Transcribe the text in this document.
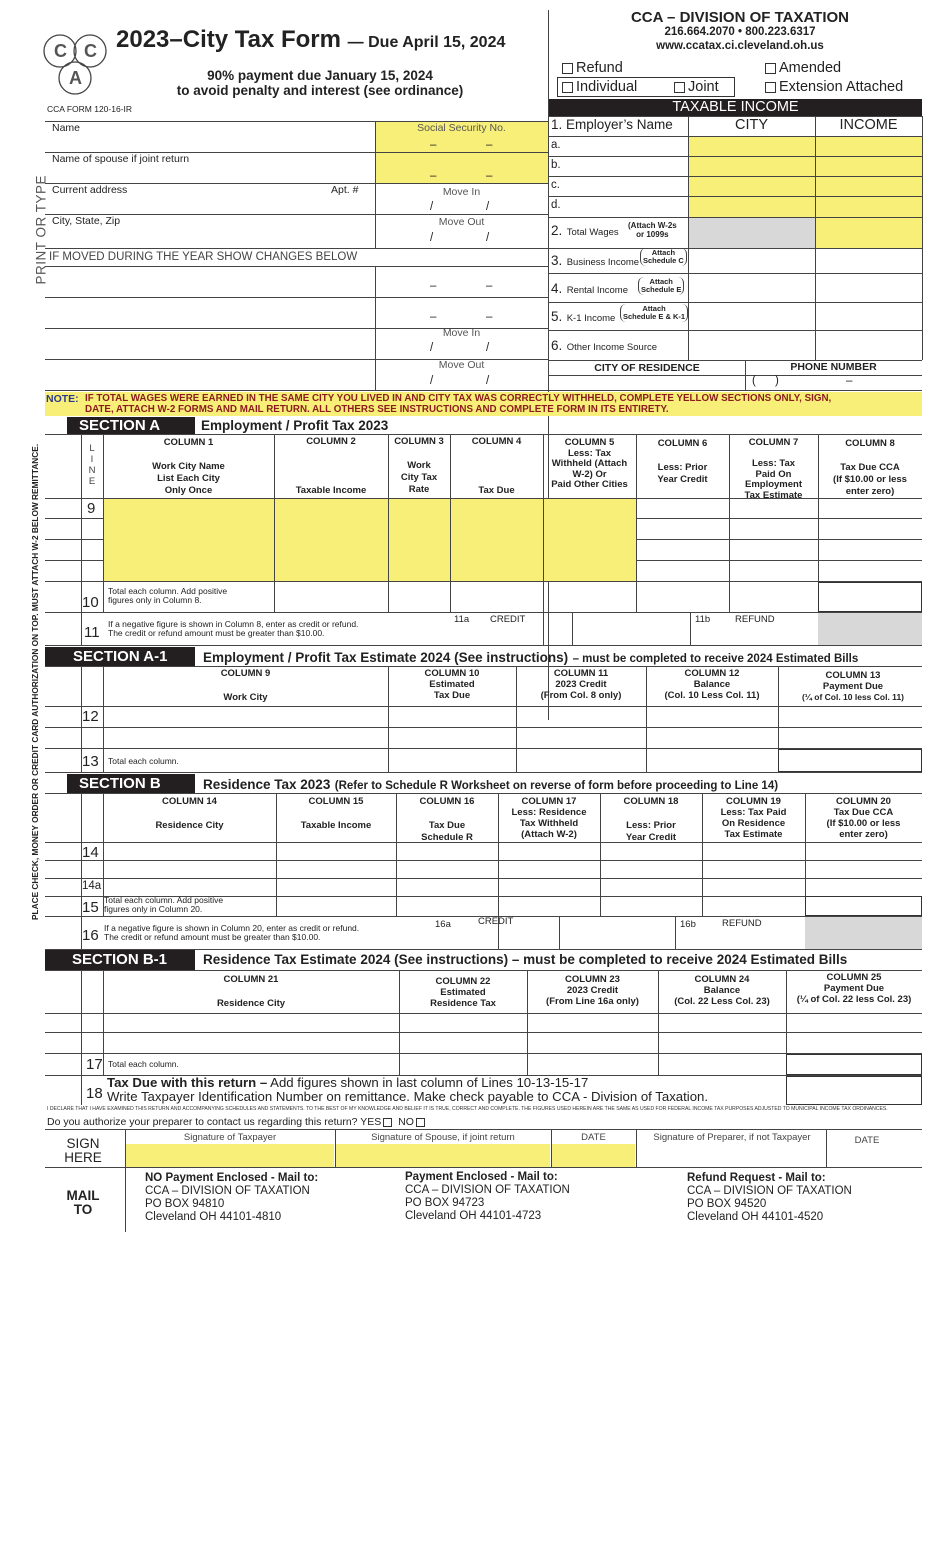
C C
A
2023–City Tax Form — Due April 15, 2024
90% payment due January 15, 2024
to avoid penalty and interest (see ordinance)
CCA FORM 120-16-IR
CCA – DIVISION OF TAXATION
216.664.2070 • 800.223.6317
www.ccatax.ci.cleveland.oh.us
Refund	Amended
Individual	Joint	Extension Attached
Name	Social Security No.
–	–
Name of spouse if joint return
–	–
Current address	Apt. #	Move In
/	/
City, State, Zip	Move Out
/	/
IF MOVED DURING THE YEAR SHOW CHANGES BELOW
–	–
–	–
Move In
/	/
Move Out
/	/
PRINT OR TYPE
PLACE CHECK, MONEY ORDER OR CREDIT CARD AUTHORIZATION ON TOP. MUST ATTACH W-2 BELOW REMITTANCE.
TAXABLE INCOME
1. Employer’s Name	CITY	INCOME
a.
b.
c.
d.
2. Total Wages
(Attach W-2s
or 1099s
3. Business Income
Attach
Schedule C
4. Rental Income
Attach
Schedule E
5. K-1 Income
Attach
Schedule E & K-1
6. Other Income Source
CITY OF RESIDENCE	PHONE NUMBER
(      )	–
NOTE: IF TOTAL WAGES WERE EARNED IN THE SAME CITY YOU LIVED IN AND CITY TAX WAS CORRECTLY WITHHELD, COMPLETE YELLOW SECTIONS ONLY, SIGN,
DATE, ATTACH W-2 FORMS AND MAIL RETURN. ALL OTHERS SEE INSTRUCTIONS AND COMPLETE FORM IN ITS ENTIRETY.
SECTION A	Employment / Profit Tax 2023
L
I
N
E
COLUMN 1

Work City Name
List Each City
Only Once
COLUMN 2
Taxable Income
COLUMN 3

Work
City Tax
Rate
COLUMN 4
Tax Due
COLUMN 5
Less: Tax
Withheld (Attach
W-2) Or
Paid Other Cities
COLUMN 6

Less: Prior
Year Credit
COLUMN 7

Less: Tax
Paid On
Employment
Tax Estimate
COLUMN 8

Tax Due CCA
(If $10.00 or less
enter zero)
9
10
Total each column. Add positive
figures only in Column 8.
11 If a negative figure is shown in Column 8, enter as credit or refund.
The credit or refund amount must be greater than $10.00.
11a CREDIT	11b	REFUND
SECTION A-1	Employment / Profit Tax Estimate 2024 (See instructions) – must be completed to receive 2024 Estimated Bills
COLUMN 9

Work City
COLUMN 10
Estimated
Tax Due
COLUMN 11
2023 Credit
(From Col. 8 only)
COLUMN 12
Balance
(Col. 10 Less Col. 11)
COLUMN 13
Payment Due
(¼ of Col. 10 less Col. 11)
12
13 Total each column.
SECTION B	Residence Tax 2023 (Refer to Schedule R Worksheet on reverse of form before proceeding to Line 14)
COLUMN 14

Residence City
COLUMN 15

Taxable Income
COLUMN 16

Tax Due
Schedule R
COLUMN 17
Less: Residence
Tax Withheld
(Attach W-2)
COLUMN 18

Less: Prior
Year Credit
COLUMN 19
Less: Tax Paid
On Residence
Tax Estimate
COLUMN 20
Tax Due CCA
(If $10.00 or less
enter zero)
14
14a
15 Total each column. Add positive
figures only in Column 20.
16 If a negative figure is shown in Column 20, enter as credit or refund.
The credit or refund amount must be greater than $10.00.
16a	CREDIT	16b	REFUND
SECTION B-1	Residence Tax Estimate 2024 (See instructions) – must be completed to receive 2024 Estimated Bills
COLUMN 21

Residence City
COLUMN 22
Estimated
Residence Tax
COLUMN 23
2023 Credit
(From Line 16a only)
COLUMN 24
Balance
(Col. 22 Less Col. 23)
COLUMN 25
Payment Due
(¼ of Col. 22 less Col. 23)
17 Total each column.
18
Tax Due with this return – Add figures shown in last column of Lines 10-13-15-17
Write Taxpayer Identification Number on remittance. Make check payable to CCA - Division of Taxation.
I DECLARE THAT I HAVE EXAMINED THIS RETURN AND ACCOMPANYING SCHEDULES AND STATEMENTS. TO THE BEST OF MY KNOWLEDGE AND BELIEF IT IS TRUE, CORRECT AND COMPLETE. THE FIGURES USED HEREIN ARE THE SAME AS USED FOR FEDERAL INCOME TAX PURPOSES ADJUSTED TO MUNICIPAL INCOME TAX ORDINANCES.
Do you authorize your preparer to contact us regarding this return? YES NO
SIGN
HERE
Signature of Taxpayer	Signature of Spouse, if joint return	DATE	Signature of Preparer, if not Taxpayer	DATE
MAIL
TO
NO Payment Enclosed - Mail to:
CCA – DIVISION OF TAXATION
PO BOX 94810
Cleveland OH 44101-4810
Payment Enclosed - Mail to:
CCA – DIVISION OF TAXATION
PO BOX 94723
Cleveland OH 44101-4723
Refund Request - Mail to:
CCA – DIVISION OF TAXATION
PO BOX 94520
Cleveland OH 44101-4520
